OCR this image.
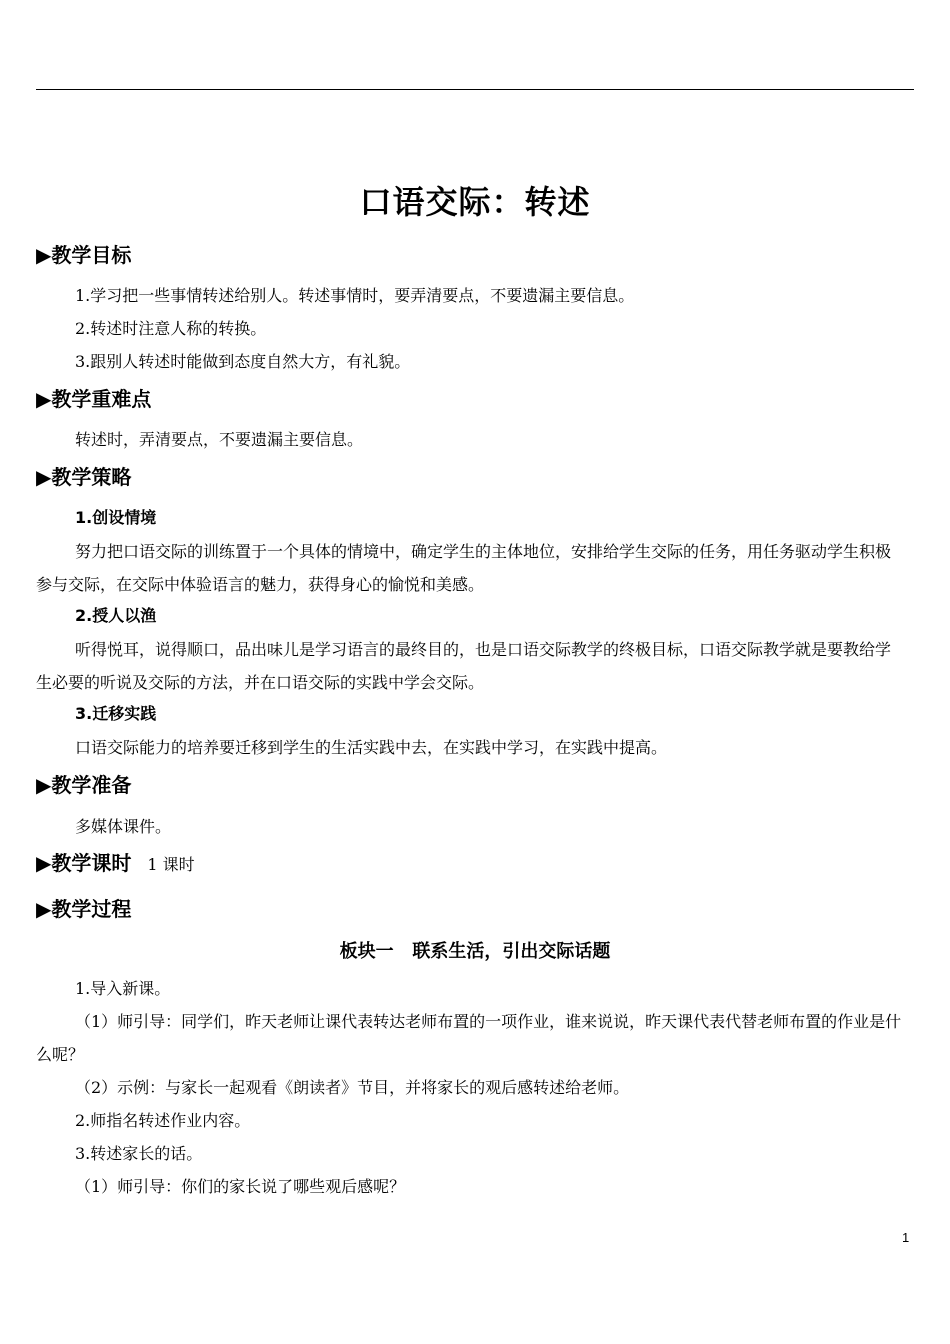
口语交际：转述
▶教学目标
1.学习把一些事情转述给别人。转述事情时，要弄清要点，不要遗漏主要信息。
2.转述时注意人称的转换。
3.跟别人转述时能做到态度自然大方，有礼貌。
▶教学重难点
转述时，弄清要点，不要遗漏主要信息。
▶教学策略
1.创设情境
努力把口语交际的训练置于一个具体的情境中，确定学生的主体地位，安排给学生交际的任务，用任务驱动学生积极参与交际，在交际中体验语言的魅力，获得身心的愉悦和美感。
2.授人以渔
听得悦耳，说得顺口，品出味儿是学习语言的最终目的，也是口语交际教学的终极目标，口语交际教学就是要教给学生必要的听说及交际的方法，并在口语交际的实践中学会交际。
3.迁移实践
口语交际能力的培养要迁移到学生的生活实践中去，在实践中学习，在实践中提高。
▶教学准备
多媒体课件。
▶教学课时 1 课时
▶教学过程
板块一   联系生活，引出交际话题
1.导入新课。
（1）师引导：同学们，昨天老师让课代表转达老师布置的一项作业，谁来说说，昨天课代表代替老师布置的作业是什么呢？
（2）示例：与家长一起观看《朗读者》节目，并将家长的观后感转述给老师。
2.师指名转述作业内容。
3.转述家长的话。
（1）师引导：你们的家长说了哪些观后感呢？
1
